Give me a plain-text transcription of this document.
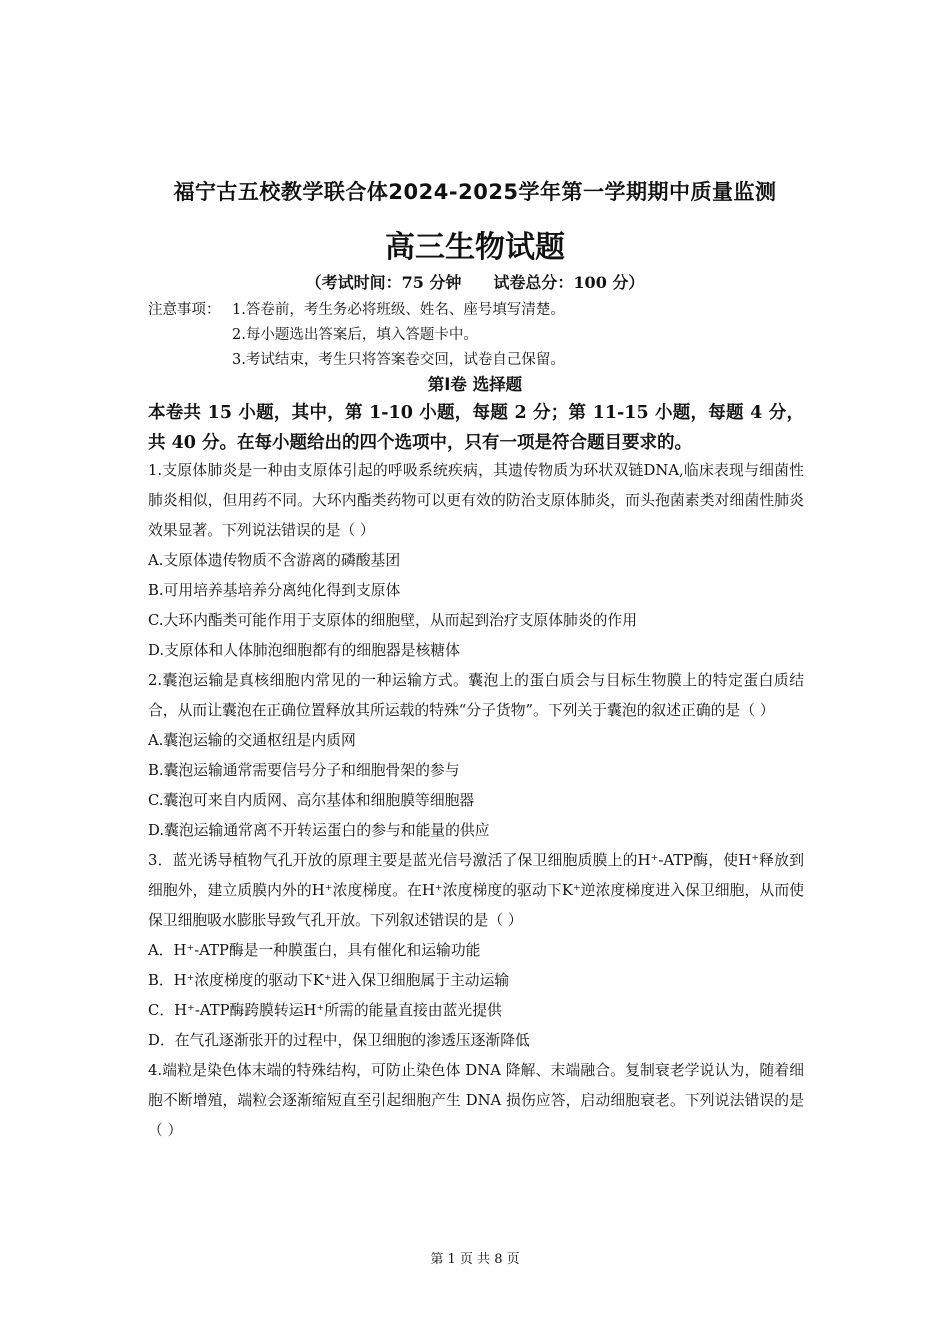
福宁古五校教学联合体2024-2025学年第一学期期中质量监测
高三生物试题
（考试时间：75 分钟 试卷总分：100 分）
注意事项： 1.答卷前，考生务必将班级、姓名、座号填写清楚。
2.每小题选出答案后，填入答题卡中。
3.考试结束，考生只将答案卷交回，试卷自己保留。
第Ⅰ卷 选择题
本卷共 15 小题，其中，第 1-10 小题，每题 2 分；第 11-15 小题，每题 4 分，共 40 分。在每小题给出的四个选项中，只有一项是符合题目要求的。
1.支原体肺炎是一种由支原体引起的呼吸系统疾病，其遗传物质为环状双链DNA,临床表现与细菌性肺炎相似，但用药不同。大环内酯类药物可以更有效的防治支原体肺炎，而头孢菌素类对细菌性肺炎效果显著。下列说法错误的是（ ）
A.支原体遗传物质不含游离的磷酸基团
B.可用培养基培养分离纯化得到支原体
C.大环内酯类可能作用于支原体的细胞壁，从而起到治疗支原体肺炎的作用
D.支原体和人体肺泡细胞都有的细胞器是核糖体
2.囊泡运输是真核细胞内常见的一种运输方式。囊泡上的蛋白质会与目标生物膜上的特定蛋白质结合，从而让囊泡在正确位置释放其所运载的特殊“分子货物”。下列关于囊泡的叙述正确的是（ ）
A.囊泡运输的交通枢纽是内质网
B.囊泡运输通常需要信号分子和细胞骨架的参与
C.囊泡可来自内质网、高尔基体和细胞膜等细胞器
D.囊泡运输通常离不开转运蛋白的参与和能量的供应
3．蓝光诱导植物气孔开放的原理主要是蓝光信号激活了保卫细胞质膜上的H⁺-ATP酶，使H⁺释放到细胞外，建立质膜内外的H⁺浓度梯度。在H⁺浓度梯度的驱动下K⁺逆浓度梯度进入保卫细胞，从而使保卫细胞吸水膨胀导致气孔开放。下列叙述错误的是（ ）
A．H⁺-ATP酶是一种膜蛋白，具有催化和运输功能
B．H⁺浓度梯度的驱动下K⁺进入保卫细胞属于主动运输
C．H⁺-ATP酶跨膜转运H⁺所需的能量直接由蓝光提供
D．在气孔逐渐张开的过程中，保卫细胞的渗透压逐渐降低
4.端粒是染色体末端的特殊结构，可防止染色体 DNA 降解、末端融合。复制衰老学说认为，随着细胞不断增殖，端粒会逐渐缩短直至引起细胞产生 DNA 损伤应答，启动细胞衰老。下列说法错误的是（ ）
第 1 页 共 8 页
